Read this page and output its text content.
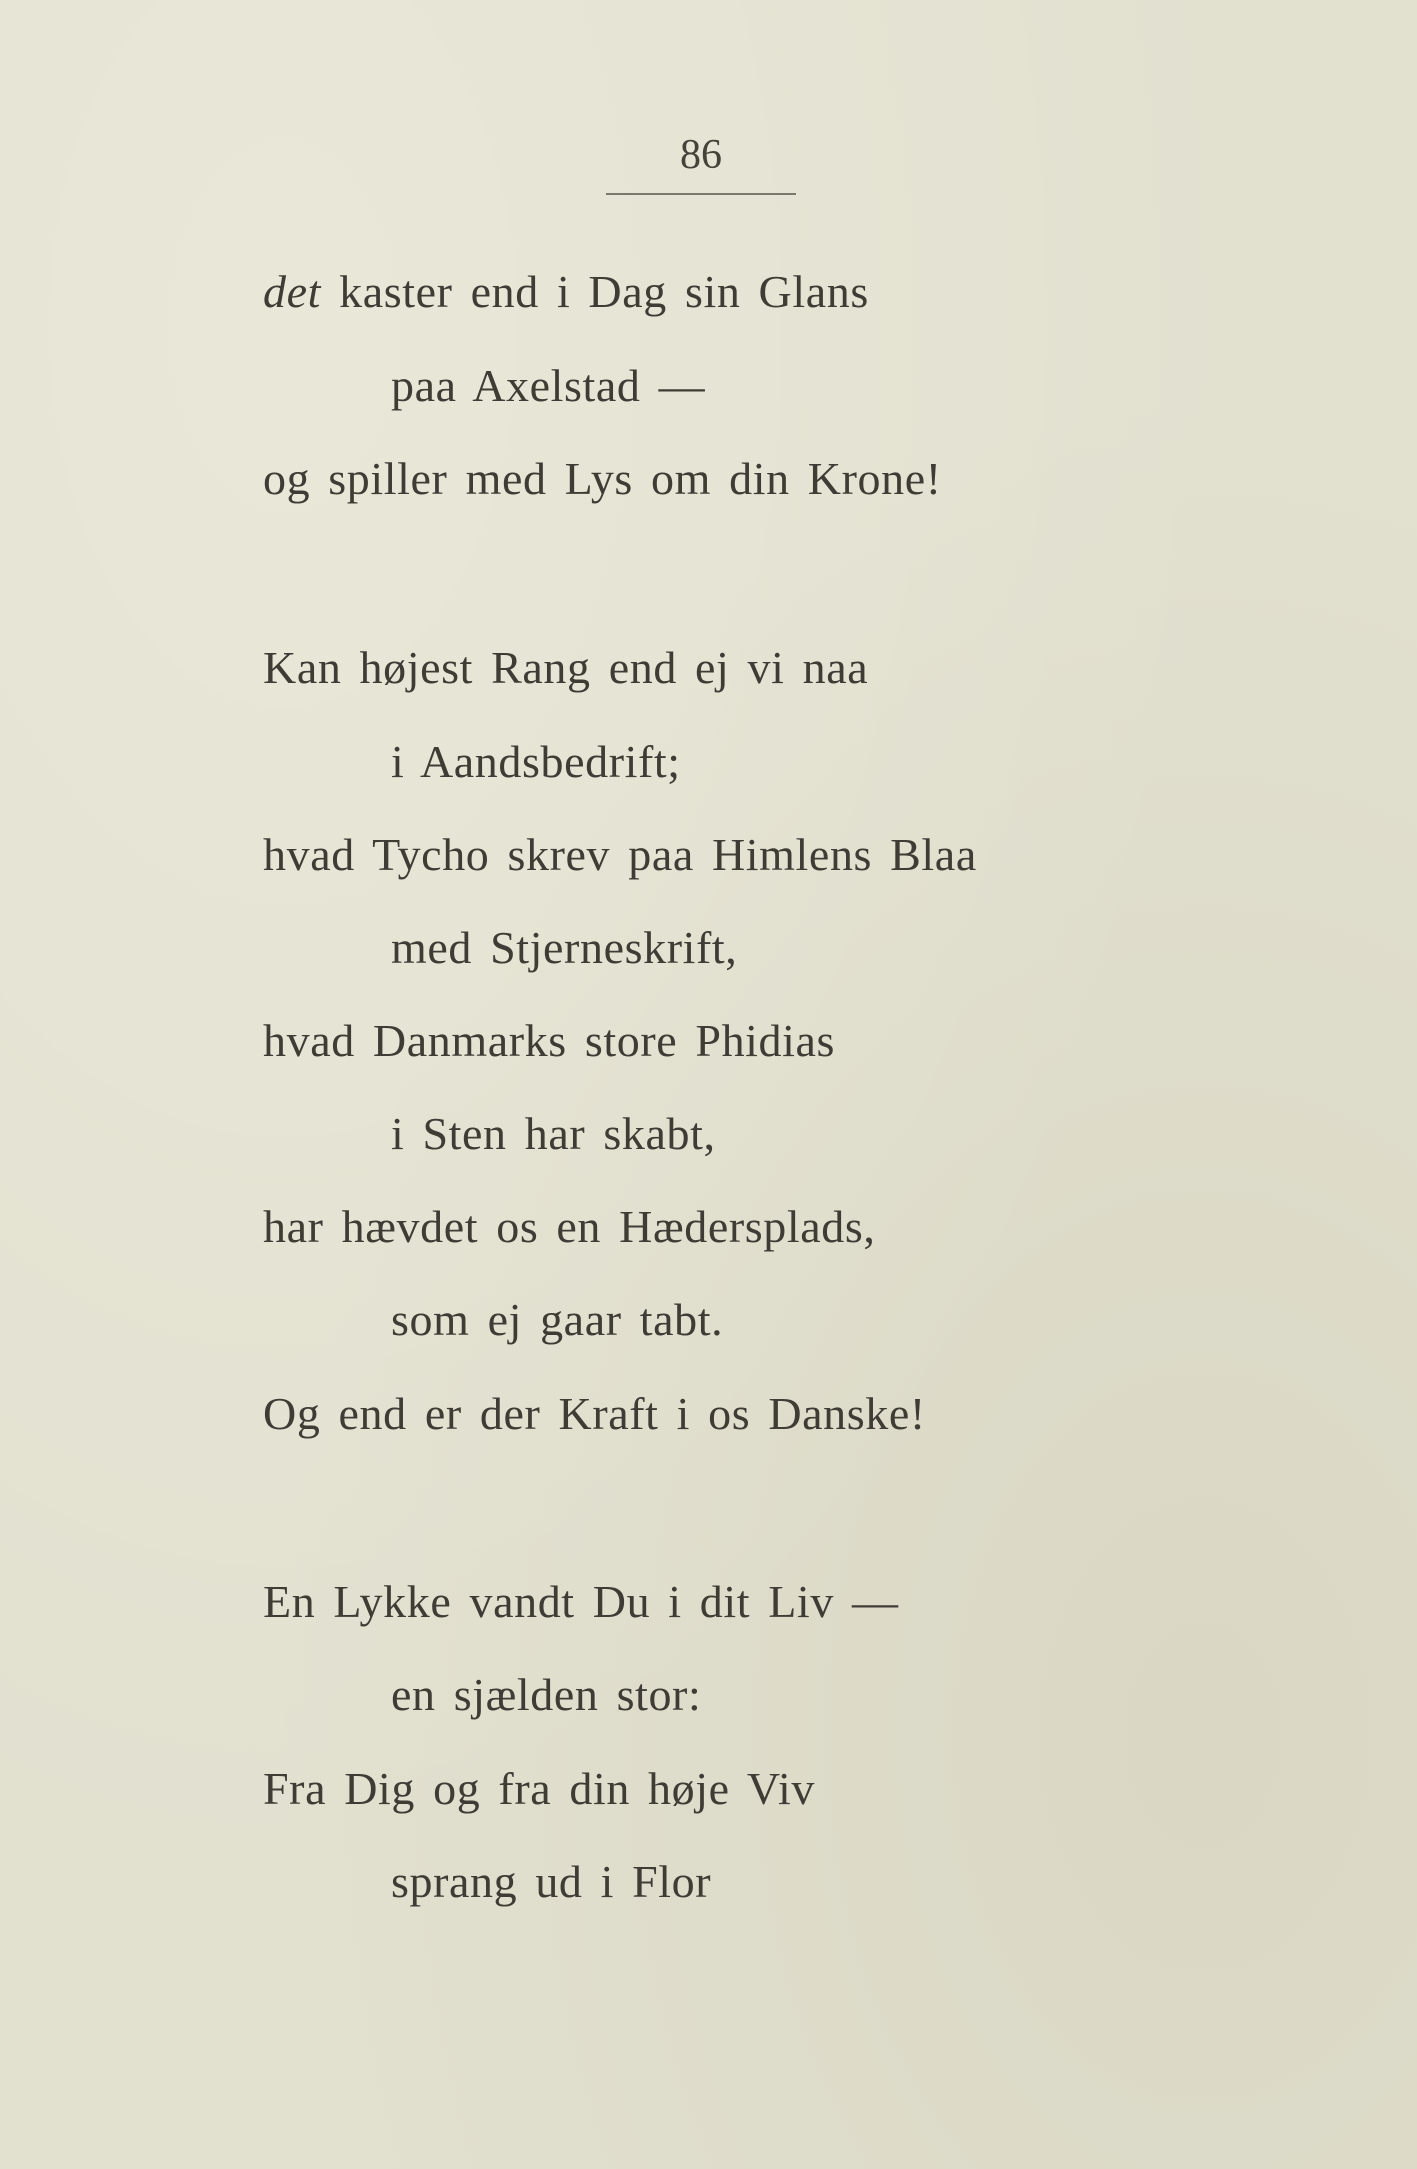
86
det kaster end i Dag sin Glans
paa Axelstad —
og spiller med Lys om din Krone!
Kan højest Rang end ej vi naa
i Aandsbedrift;
hvad Tycho skrev paa Himlens Blaa
med Stjerneskrift,
hvad Danmarks store Phidias
i Sten har skabt,
har hævdet os en Hædersplads,
som ej gaar tabt.
Og end er der Kraft i os Danske!
En Lykke vandt Du i dit Liv —
en sjælden stor:
Fra Dig og fra din høje Viv
sprang ud i Flor
